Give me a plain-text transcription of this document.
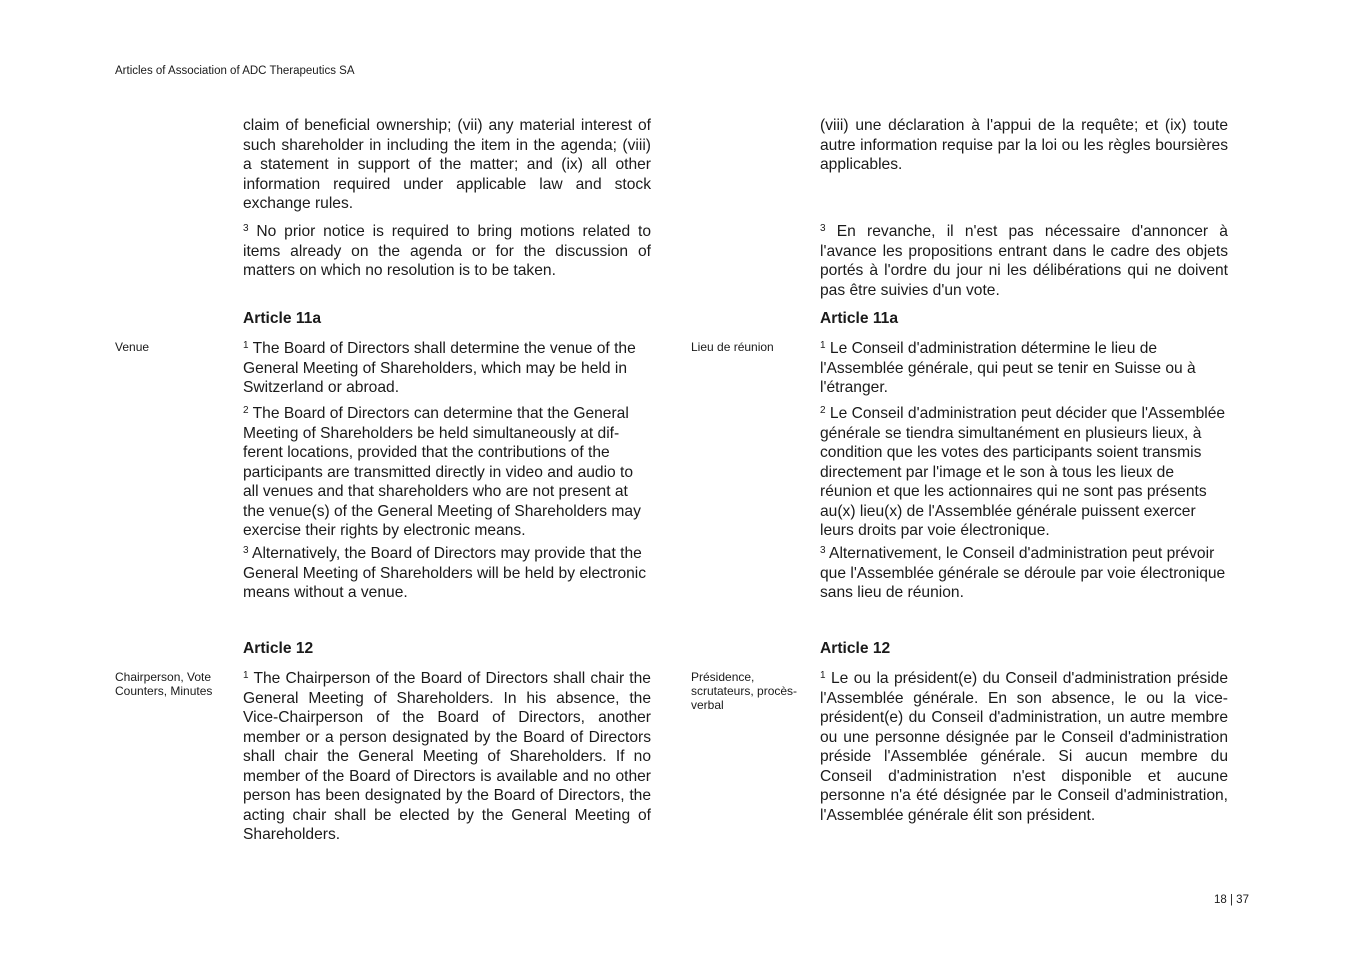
Articles of Association of ADC Therapeutics SA
claim of beneficial ownership; (vii) any material interest of such shareholder in including the item in the agenda; (viii) a statement in support of the matter; and (ix) all other information required under applicable law and stock exchange rules.
$^3$ No prior notice is required to bring motions related to items already on the agenda or for the discussion of matters on which no resolution is to be taken.
Article 11a
Venue	$^1$ The Board of Directors shall determine the venue of the General Meeting of Shareholders, which may be held in Switzerland or abroad.
$^2$ The Board of Directors can determine that the General Meeting of Shareholders be held simultaneously at different locations, provided that the contributions of the participants are transmitted directly in video and audio to all venues and that shareholders who are not present at the venue(s) of the General Meeting of Shareholders may exercise their rights by electronic means.
$^3$ Alternatively, the Board of Directors may provide that the General Meeting of Shareholders will be held by electronic means without a venue.
Article 12
Chairperson, Vote Counters, Minutes
$^1$ The Chairperson of the Board of Directors shall chair the General Meeting of Shareholders. In his absence, the Vice-Chairperson of the Board of Directors, another member or a person designated by the Board of Directors shall chair the General Meeting of Shareholders. If no member of the Board of Directors is available and no other person has been designated by the Board of Directors, the acting chair shall be elected by the General Meeting of Shareholders.
(viii) une déclaration à l'appui de la requête; et (ix) toute autre information requise par la loi ou les règles boursières applicables.
$^3$ En revanche, il n'est pas nécessaire d'annoncer à l'avance les propositions entrant dans le cadre des objets portés à l'ordre du jour ni les délibérations qui ne doivent pas être suivies d'un vote.
Article 11a
Lieu de réunion	$^1$ Le Conseil d'administration détermine le lieu de l'Assemblée générale, qui peut se tenir en Suisse ou à l'étranger.
$^2$ Le Conseil d'administration peut décider que l'Assemblée générale se tiendra simultanément en plusieurs lieux, à condition que les votes des participants soient transmis directement par l'image et le son à tous les lieux de réunion et que les actionnaires qui ne sont pas présents au(x) lieu(x) de l'Assemblée générale puissent exercer leurs droits par voie électronique.
$^3$ Alternativement, le Conseil d'administration peut prévoir que l'Assemblée générale se déroule par voie électronique sans lieu de réunion.
Article 12
Présidence, scrutateurs, procès-verbal
$^1$ Le ou la président(e) du Conseil d'administration préside l'Assemblée générale. En son absence, le ou la vice-président(e) du Conseil d'administration, un autre membre ou une personne désignée par le Conseil d'administration préside l'Assemblée générale. Si aucun membre du Conseil d'administration n'est disponible et aucune personne n'a été désignée par le Conseil d'administration, l'Assemblée générale élit son président.
18 | 37
